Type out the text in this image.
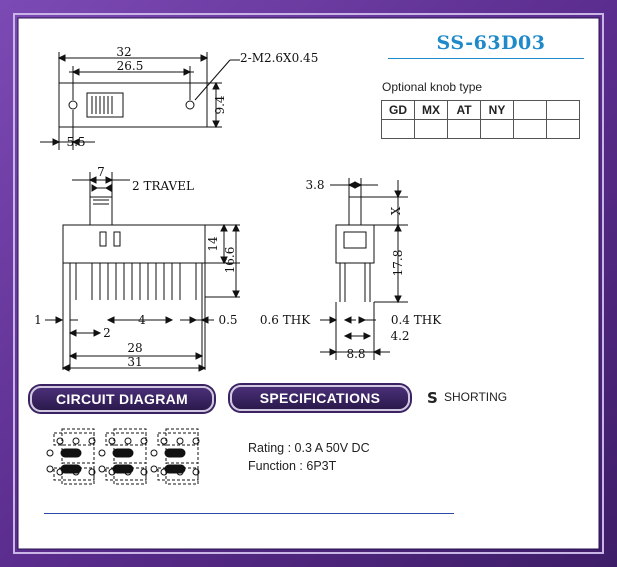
SS-63D03
Optional knob type
GD	MX	AT	NY		

32
26.5
2-M2.6X0.45
9.4
5.5
7
2 TRAVEL
14
16.6
1
2
4	0.5
28
31
3.8
X
17.8
0.6 THK	0.4 THK
4.2
8.8
CIRCUIT DIAGRAM	SPECIFICATIONS	S SHORTING
Rating : 0.3 A 50V DC
Function : 6P3T
